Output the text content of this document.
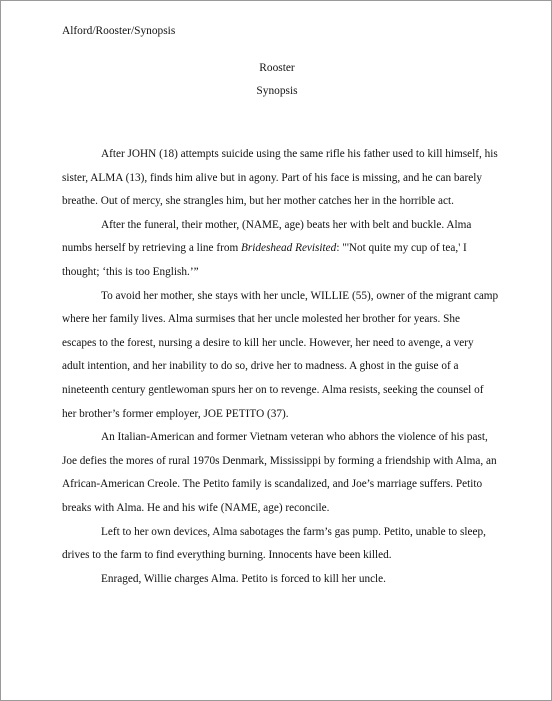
Alford/Rooster/Synopsis
Rooster
Synopsis
After JOHN (18) attempts suicide using the same rifle his father used to kill himself, his
sister, ALMA (13), finds him alive but in agony. Part of his face is missing, and he can barely
breathe. Out of mercy, she strangles him, but her mother catches her in the horrible act.
After the funeral, their mother, (NAME, age) beats her with belt and buckle. Alma
numbs herself by retrieving a line from Brideshead Revisited: "'Not quite my cup of tea,' I
thought; ‘this is too English.’”
To avoid her mother, she stays with her uncle, WILLIE (55), owner of the migrant camp
where her family lives. Alma surmises that her uncle molested her brother for years. She
escapes to the forest, nursing a desire to kill her uncle. However, her need to avenge, a very
adult intention, and her inability to do so, drive her to madness. A ghost in the guise of a
nineteenth century gentlewoman spurs her on to revenge. Alma resists, seeking the counsel of
her brother’s former employer, JOE PETITO (37).
An Italian-American and former Vietnam veteran who abhors the violence of his past,
Joe defies the mores of rural 1970s Denmark, Mississippi by forming a friendship with Alma, an
African-American Creole. The Petito family is scandalized, and Joe’s marriage suffers. Petito
breaks with Alma. He and his wife (NAME, age) reconcile.
Left to her own devices, Alma sabotages the farm’s gas pump. Petito, unable to sleep,
drives to the farm to find everything burning. Innocents have been killed.
Enraged, Willie charges Alma. Petito is forced to kill her uncle.
